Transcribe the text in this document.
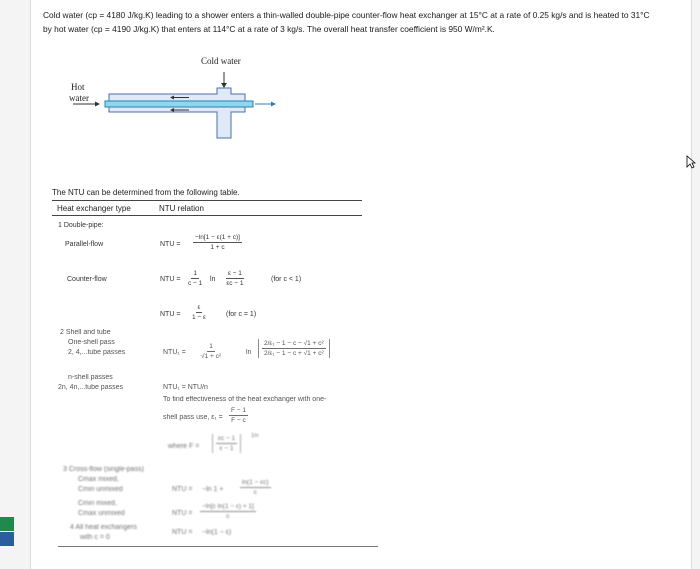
Cold water (cp = 4180 J/kg.K) leading to a shower enters a thin-walled double-pipe counter-flow heat exchanger at 15°C at a rate of 0.25 kg/s and is heated to 31°C
by hot water (cp = 4190 J/kg.K) that enters at 114°C at a rate of 3 kg/s. The overall heat transfer coefficient is 950 W/m².K.
Cold water
Hot
water
The NTU can be determined from the following table.
Heat exchanger type	NTU relation
1 Double-pipe:
Parallel-flow	NTU = $\frac{-\ln[1 - \varepsilon(1 + c)]}{1 + c}$
Counter-flow	NTU = $\frac{1}{c - 1}$ $\ln \frac{\varepsilon - 1}{\varepsilon c - 1}$	(for c < 1)
NTU = $\frac{\varepsilon}{1 - \varepsilon}$	(for c = 1)
2 Shell and tube
One-shell pass
2, 4,...tube passes	$NTU_1 = \frac{1}{\text{√1 + c²}}$	$\ln \frac{\text{2/ε₁ − 1 − c − √1 + c²}}{\text{2/ε₁ − 1 − c + √1 + c²}}$
n-shell passes
2n, 4n,...tube passes	NTU₁ = NTU/n
To find effectiveness of the heat exchanger with one-
shell pass use, $\varepsilon_1 = \frac{F - 1}{F - c}$
where $F = \frac{\varepsilon c - 1}{\varepsilon - 1} 1/n$
3 Cross-flow (single-pass)
Cmax mixed,
Cmin unmixed	NTU = −ln 1 +	$\frac{\ln(1 - \varepsilon c)}{c}$
Cmin mixed,
Cmax unmixed	NTU = $\frac{\text{−ln[c ln(1 − ε) + 1]}}{c}$
4 All heat exchangers
with c = 0
NTU = −ln(1 − ε)
